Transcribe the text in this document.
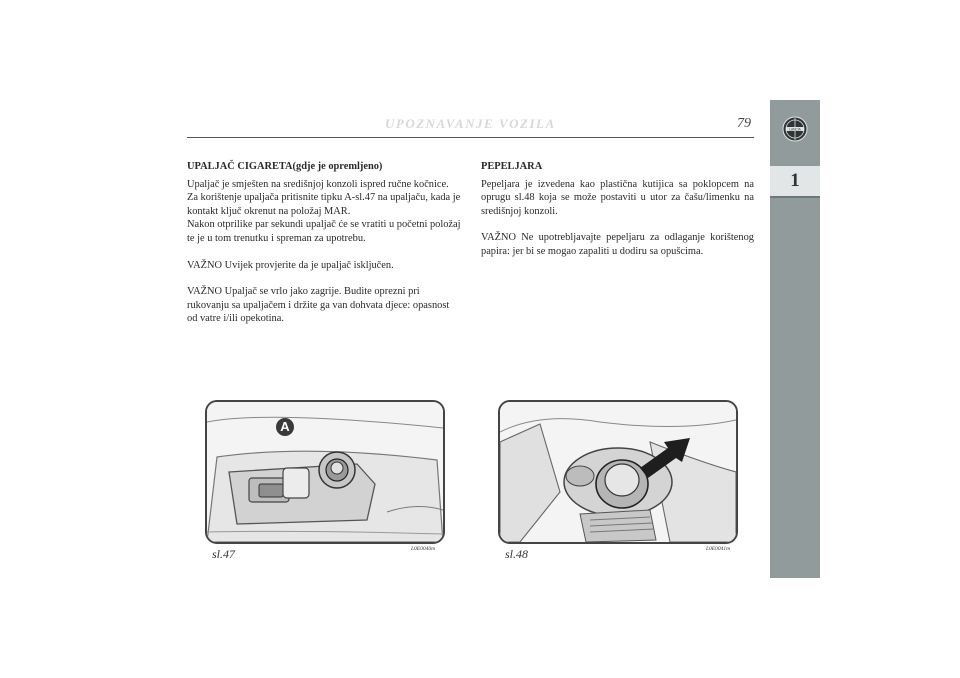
UPOZNAVANJE VOZILA	79	LANCIA
1

UPALJAČ CIGARETA(gdje je opremljeno)

Upaljač je smješten na središnjoj konzoli ispred ručne kočnice.

Za korištenje upaljača pritisnite tipku A-sl.47 na upaljaču, kada je kontakt ključ okrenut na položaj MAR.

Nakon otprilike par sekundi upaljač će se vratiti u početni položaj te je u tom trenutku i spreman za upotrebu.

VAŽNO Uvijek provjerite da je upaljač isključen.

VAŽNO Upaljač se vrlo jako zagrije. Budite oprezni pri rukovanju sa upaljačem i držite ga van dohvata djece: opasnost od vatre i/ili opekotina.

PEPELJARA

Pepeljara je izvedena kao plastična kutijica sa poklopcem na oprugu sl.48 koja se može postaviti u utor za čašu/limenku na središnjoj konzoli.

VAŽNO Ne upotrebljavajte pepeljaru za odlaganje korištenog papira: jer bi se mogao zapaliti u dodiru sa opušcima.

A
sl.47	L0E0040m	sl.48	L0E0041m
